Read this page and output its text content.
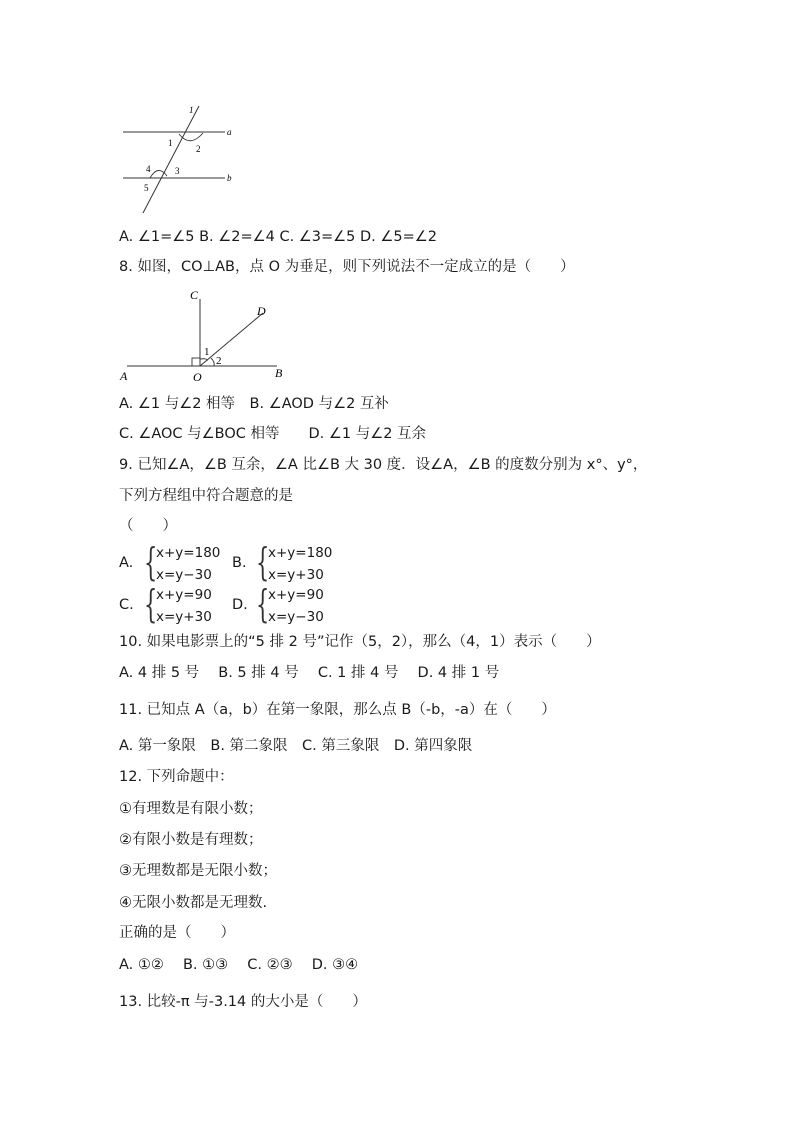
1
1
2
a
4	3
5
b
A. ∠1=∠5 B. ∠2=∠4 C. ∠3=∠5 D. ∠5=∠2
8. 如图，CO⊥AB，点 O 为垂足，则下列说法不一定成立的是（　　）
C
D
1
2
A	O	B
A. ∠1 与∠2 相等　B. ∠AOD 与∠2 互补
C. ∠AOC 与∠BOC 相等　　D. ∠1 与∠2 互余
9. 已知∠A，∠B 互余，∠A 比∠B 大 30 度．设∠A，∠B 的度数分别为 x°、y°，
下列方程组中符合题意的是
（　　）
A. {
x+y=180
x=y−30
B. {
x+y=180
x=y+30
C. {
x+y=90
x=y+30
D. {
x+y=90
x=y−30
10. 如果电影票上的“5 排 2 号”记作（5，2），那么（4，1）表示（　　）
A. 4 排 5 号　 B. 5 排 4 号　 C. 1 排 4 号　 D. 4 排 1 号
11. 已知点 A（a，b）在第一象限，那么点 B（-b，-a）在（　　）
A. 第一象限　B. 第二象限　C. 第三象限　D. 第四象限
12. 下列命题中：
①有理数是有限小数；
②有限小数是有理数；
③无理数都是无限小数；
④无限小数都是无理数.
正确的是（　　）
A. ①②　 B. ①③　 C. ②③　 D. ③④
13. 比较-π 与-3.14 的大小是（　　）
